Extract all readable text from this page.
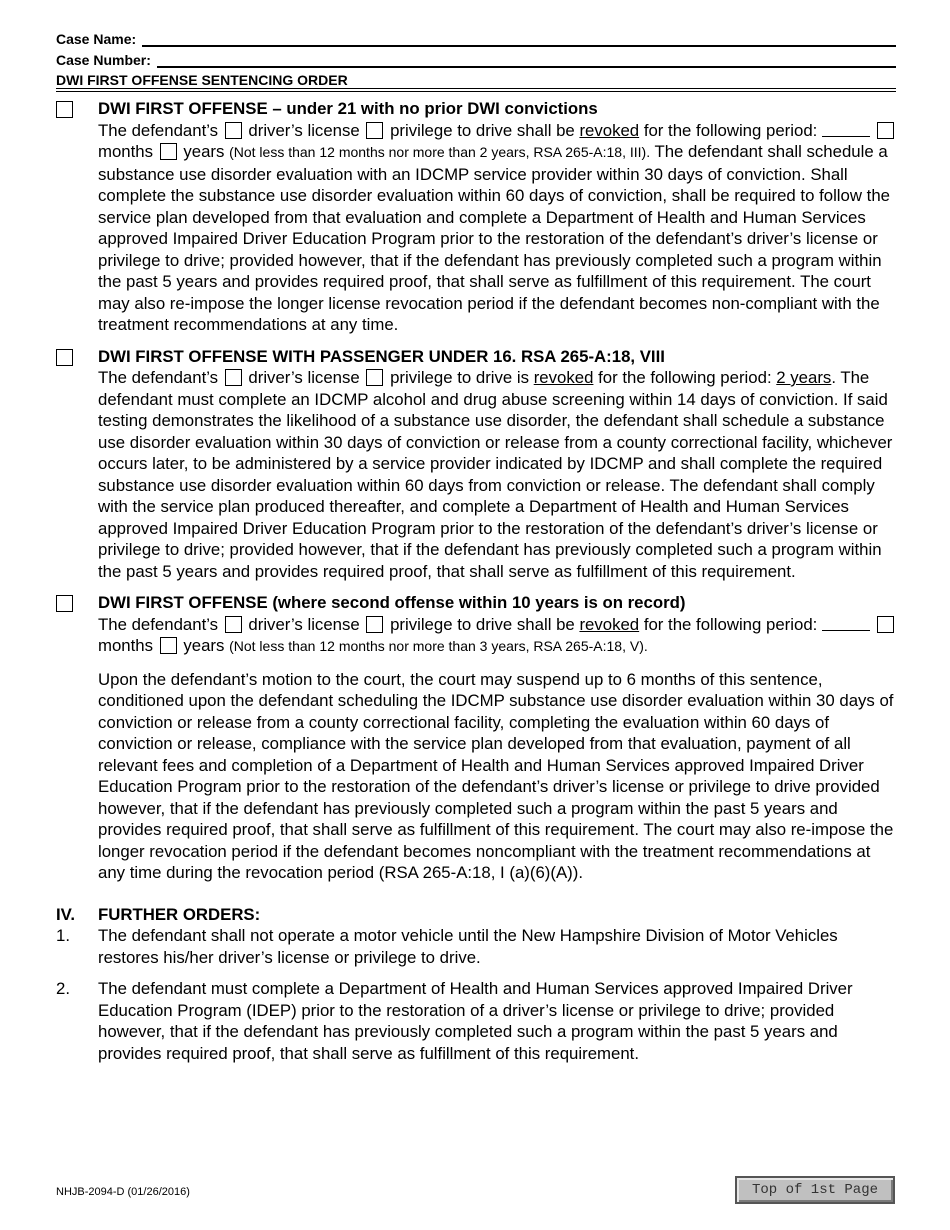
Case Name:
Case Number:
DWI FIRST OFFENSE SENTENCING ORDER

DWI FIRST OFFENSE – under 21 with no prior DWI convictions
The defendant’s driver’s license privilege to drive shall be revoked for the following period:   months years (Not less than 12 months nor more than 2 years, RSA 265-A:18, III). The defendant shall schedule a substance use disorder evaluation with an IDCMP service provider within 30 days of conviction. Shall complete the substance use disorder evaluation within 60 days of conviction, shall be required to follow the service plan developed from that evaluation and complete a Department of Health and Human Services approved Impaired Driver Education Program prior to the restoration of the defendant’s driver’s license or privilege to drive; provided however, that if the defendant has previously completed such a program within the past 5 years and provides required proof, that shall serve as fulfillment of this requirement. The court may also re-impose the longer license revocation period if the defendant becomes non-compliant with the treatment recommendations at any time.

DWI FIRST OFFENSE WITH PASSENGER UNDER 16. RSA 265-A:18, VIII
The defendant’s driver’s license privilege to drive is revoked for the following period: 2 years. The defendant must complete an IDCMP alcohol and drug abuse screening within 14 days of conviction. If said testing demonstrates the likelihood of a substance use disorder, the defendant shall schedule a substance use disorder evaluation within 30 days of conviction or release from a county correctional facility, whichever occurs later, to be administered by a service provider indicated by IDCMP and shall complete the required substance use disorder evaluation within 60 days from conviction or release. The defendant shall comply with the service plan produced thereafter, and complete a Department of Health and Human Services approved Impaired Driver Education Program prior to the restoration of the defendant’s driver’s license or privilege to drive; provided however, that if the defendant has previously completed such a program within the past 5 years and provides required proof, that shall serve as fulfillment of this requirement.

DWI FIRST OFFENSE (where second offense within 10 years is on record)
The defendant’s driver’s license privilege to drive shall be revoked for the following period:   months years (Not less than 12 months nor more than 3 years, RSA 265-A:18, V).

Upon the defendant’s motion to the court, the court may suspend up to 6 months of this sentence, conditioned upon the defendant scheduling the IDCMP substance use disorder evaluation within 30 days of conviction or release from a county correctional facility, completing the evaluation within 60 days of conviction or release, compliance with the service plan developed from that evaluation, payment of all relevant fees and completion of a Department of Health and Human Services approved Impaired Driver Education Program prior to the restoration of the defendant’s driver’s license or privilege to drive provided however, that if the defendant has previously completed such a program within the past 5 years and provides required proof, that shall serve as fulfillment of this requirement. The court may also re-impose the longer revocation period if the defendant becomes noncompliant with the treatment recommendations at any time during the revocation period (RSA 265-A:18, I (a)(6)(A)).

IV.	FURTHER ORDERS:
1.	The defendant shall not operate a motor vehicle until the New Hampshire Division of Motor Vehicles restores his/her driver’s license or privilege to drive.
2.	The defendant must complete a Department of Health and Human Services approved Impaired Driver Education Program (IDEP) prior to the restoration of a driver’s license or privilege to drive; provided however, that if the defendant has previously completed such a program within the past 5 years and provides required proof, that shall serve as fulfillment of this requirement.
NHJB-2094-D (01/26/2016)	Top of 1st Page
